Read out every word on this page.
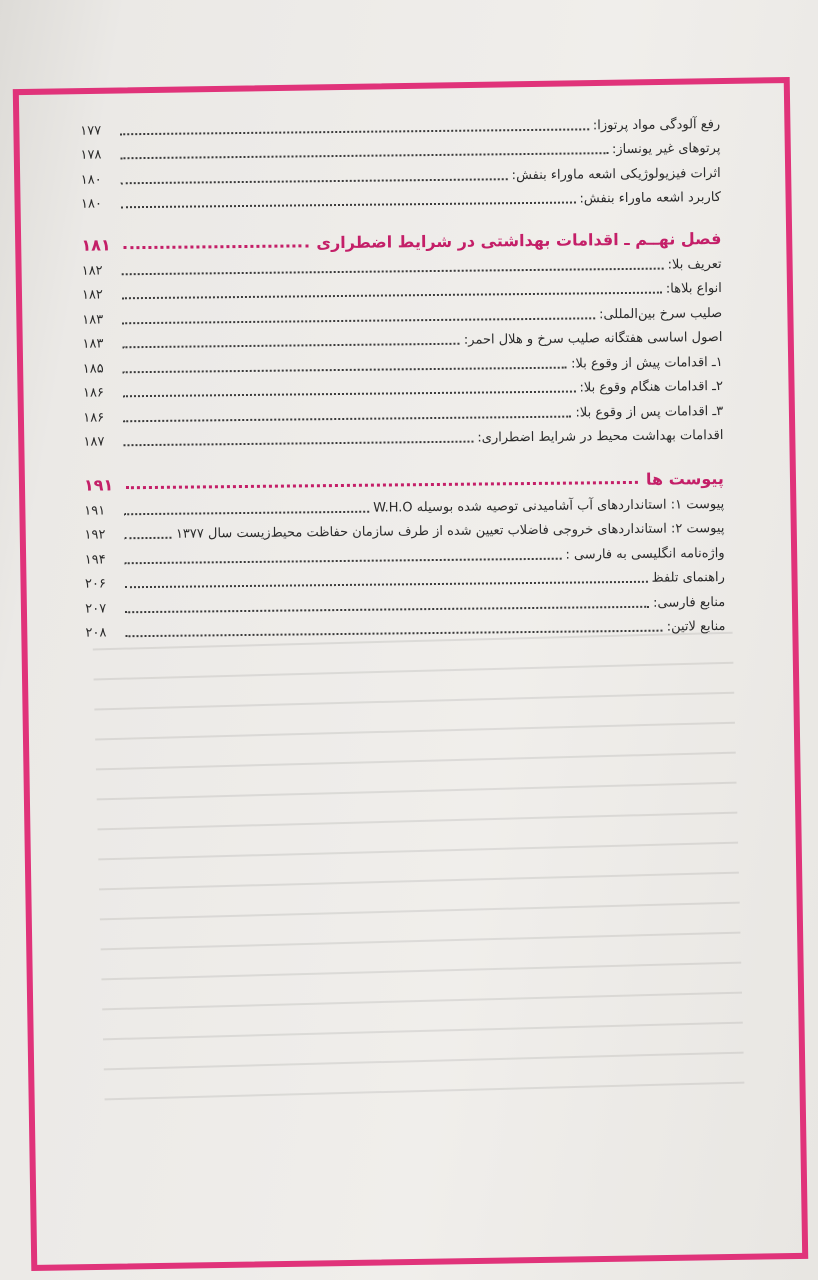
رفع آلودگی مواد پرتوزا:
۱۷۷
پرتوهای غیر یونساز:
۱۷۸
اثرات فیزیولوژیکی اشعه ماوراء بنفش:
۱۸۰
کاربرد اشعه ماوراء بنفش:
۱۸۰
فصل نهــم ـ اقدامات بهداشتی در شرایط اضطراری
۱۸۱
تعریف بلا:
۱۸۲
انواع بلاها:
۱۸۲
صلیب سرخ بین‌المللی:
۱۸۳
اصول اساسی هفتگانه صلیب سرخ و هلال احمر:
۱۸۳
۱ـ اقدامات پیش از وقوع بلا:
۱۸۵
۲ـ اقدامات هنگام وقوع بلا:
۱۸۶
۳ـ اقدامات پس از وقوع بلا:
۱۸۶
اقدامات بهداشت محیط در شرایط اضطراری:
۱۸۷
پیوست ها
۱۹۱
پیوست ۱: استانداردهای آب آشامیدنی توصیه شده بوسیله W.H.O
۱۹۱
پیوست ۲: استانداردهای خروجی فاضلاب تعیین شده از طرف سازمان حفاظت محیط‌زیست سال ۱۳۷۷
۱۹۲
واژه‌نامه انگلیسی به فارسی :
۱۹۴
راهنمای تلفظ
۲۰۶
منابع فارسی:
۲۰۷
منابع لاتین:
۲۰۸
